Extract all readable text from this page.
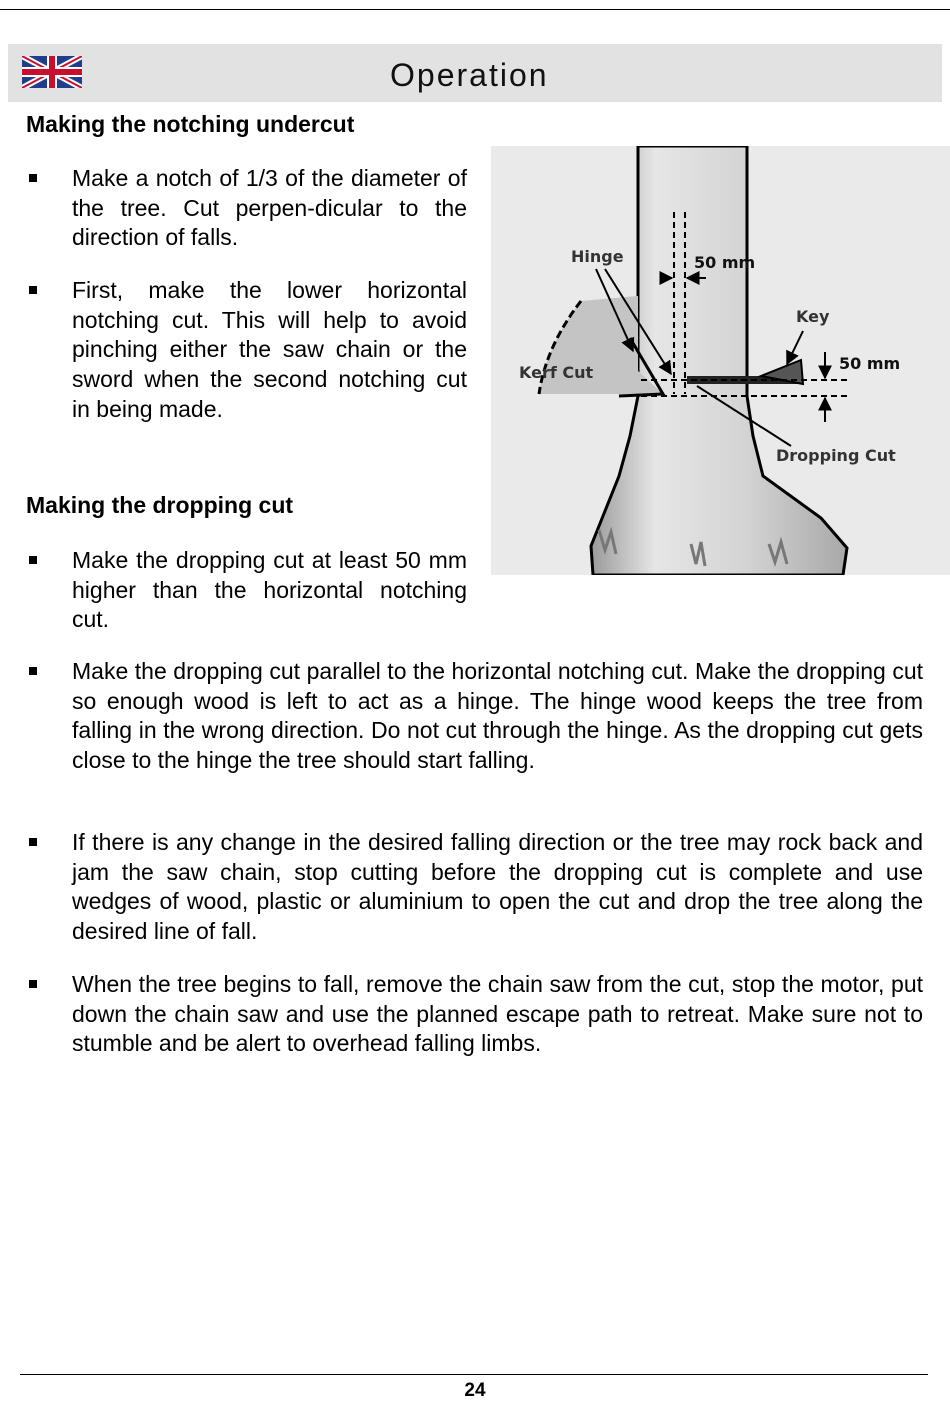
Operation
Making the notching undercut
Make a notch of 1/3 of the diameter of the tree. Cut perpen-dicular to the direction of falls.
First, make the lower horizontal notching cut. This will help to avoid pinching either the saw chain or the sword when the second notching cut in being made.
Making the dropping cut
Make the dropping cut at least 50 mm higher than the horizontal notching cut.
Make the dropping cut parallel to the horizontal notching cut. Make the dropping cut so enough wood is left to act as a hinge. The hinge wood keeps the tree from falling in the wrong direction. Do not cut through the hinge. As the dropping cut gets close to the hinge the tree should start falling.
If there is any change in the desired falling direction or the tree may rock back and jam the saw chain, stop cutting before the dropping cut is complete and use wedges of wood, plastic or aluminium to open the cut and drop the tree along the desired line of fall.
When the tree begins to fall, remove the chain saw from the cut, stop the motor, put down the chain saw and use the planned escape path to retreat. Make sure not to stumble and be alert to overhead falling limbs.
Hinge	50 mm
Key
50 mm
Kerf Cut
Dropping Cut
24
